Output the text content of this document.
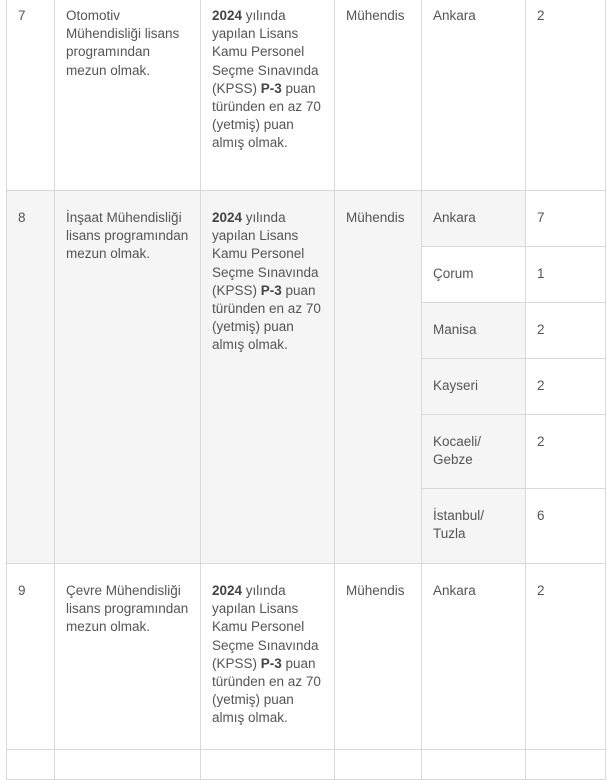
7	Otomotiv Mühendisliği lisans programından mezun olmak.	2024 yılında yapılan Lisans Kamu Personel Seçme Sınavında (KPSS) P-3 puan türünden en az 70 (yetmiş) puan almış olmak.	Mühendis	Ankara	2
8	İnşaat Mühendisliği lisans programından mezun olmak.	2024 yılında yapılan Lisans Kamu Personel Seçme Sınavında (KPSS) P-3 puan türünden en az 70 (yetmiş) puan almış olmak.	Mühendis	Ankara	7
				Çorum	1
				Manisa	2
				Kayseri	2
				Kocaeli/ Gebze	2
				İstanbul/ Tuzla	6
9	Çevre Mühendisliği lisans programından mezun olmak.	2024 yılında yapılan Lisans Kamu Personel Seçme Sınavında (KPSS) P-3 puan türünden en az 70 (yetmiş) puan almış olmak.	Mühendis	Ankara	2
